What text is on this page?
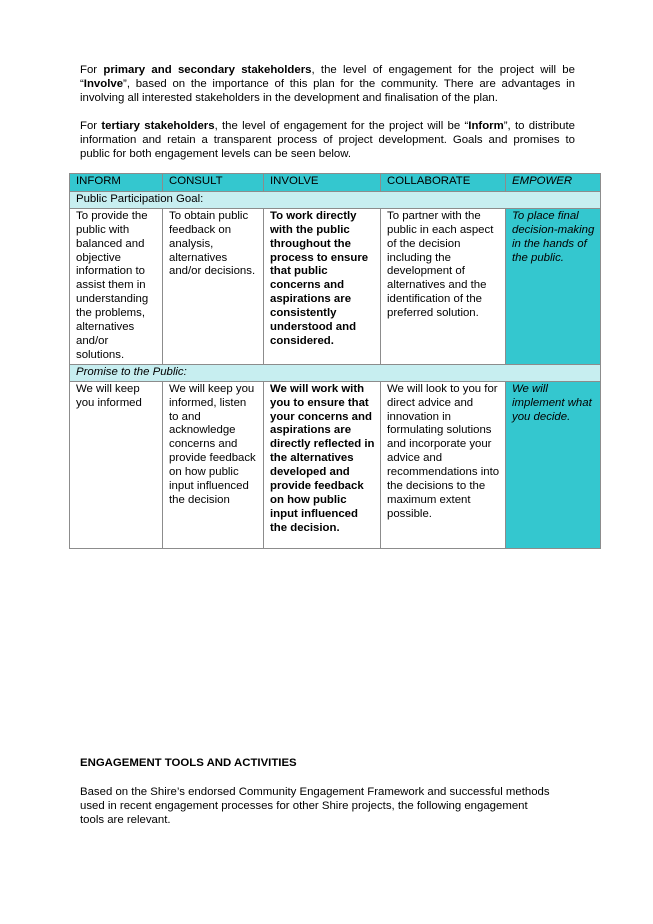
For primary and secondary stakeholders, the level of engagement for the project will be “Involve”, based on the importance of this plan for the community. There are advantages in involving all interested stakeholders in the development and finalisation of the plan.

For tertiary stakeholders, the level of engagement for the project will be “Inform”, to distribute information and retain a transparent process of project development. Goals and promises to public for both engagement levels can be seen below.

INFORM	CONSULT	INVOLVE	COLLABORATE	EMPOWER
Public Participation Goal:				
To provide the public with balanced and objective information to assist them in understanding the problems, alternatives and/or solutions.	To obtain public feedback on analysis, alternatives and/or decisions.	To work directly with the public throughout the process to ensure that public concerns and aspirations are consistently understood and considered.	To partner with the public in each aspect of the decision including the development of alternatives and the identification of the preferred solution.	To place final decision-making in the hands of the public.
Promise to the Public:				
We will keep you informed	We will keep you informed, listen to and acknowledge concerns and provide feedback on how public input influenced the decision	We will work with you to ensure that your concerns and aspirations are directly reflected in the alternatives developed and provide feedback on how public input influenced the decision.	We will look to you for direct advice and innovation in formulating solutions and incorporate your advice and recommendations into the decisions to the maximum extent possible.	We will implement what you decide.
ENGAGEMENT TOOLS AND ACTIVITIES

Based on the Shire’s endorsed Community Engagement Framework and successful methods used in recent engagement processes for other Shire projects, the following engagement tools are relevant.
